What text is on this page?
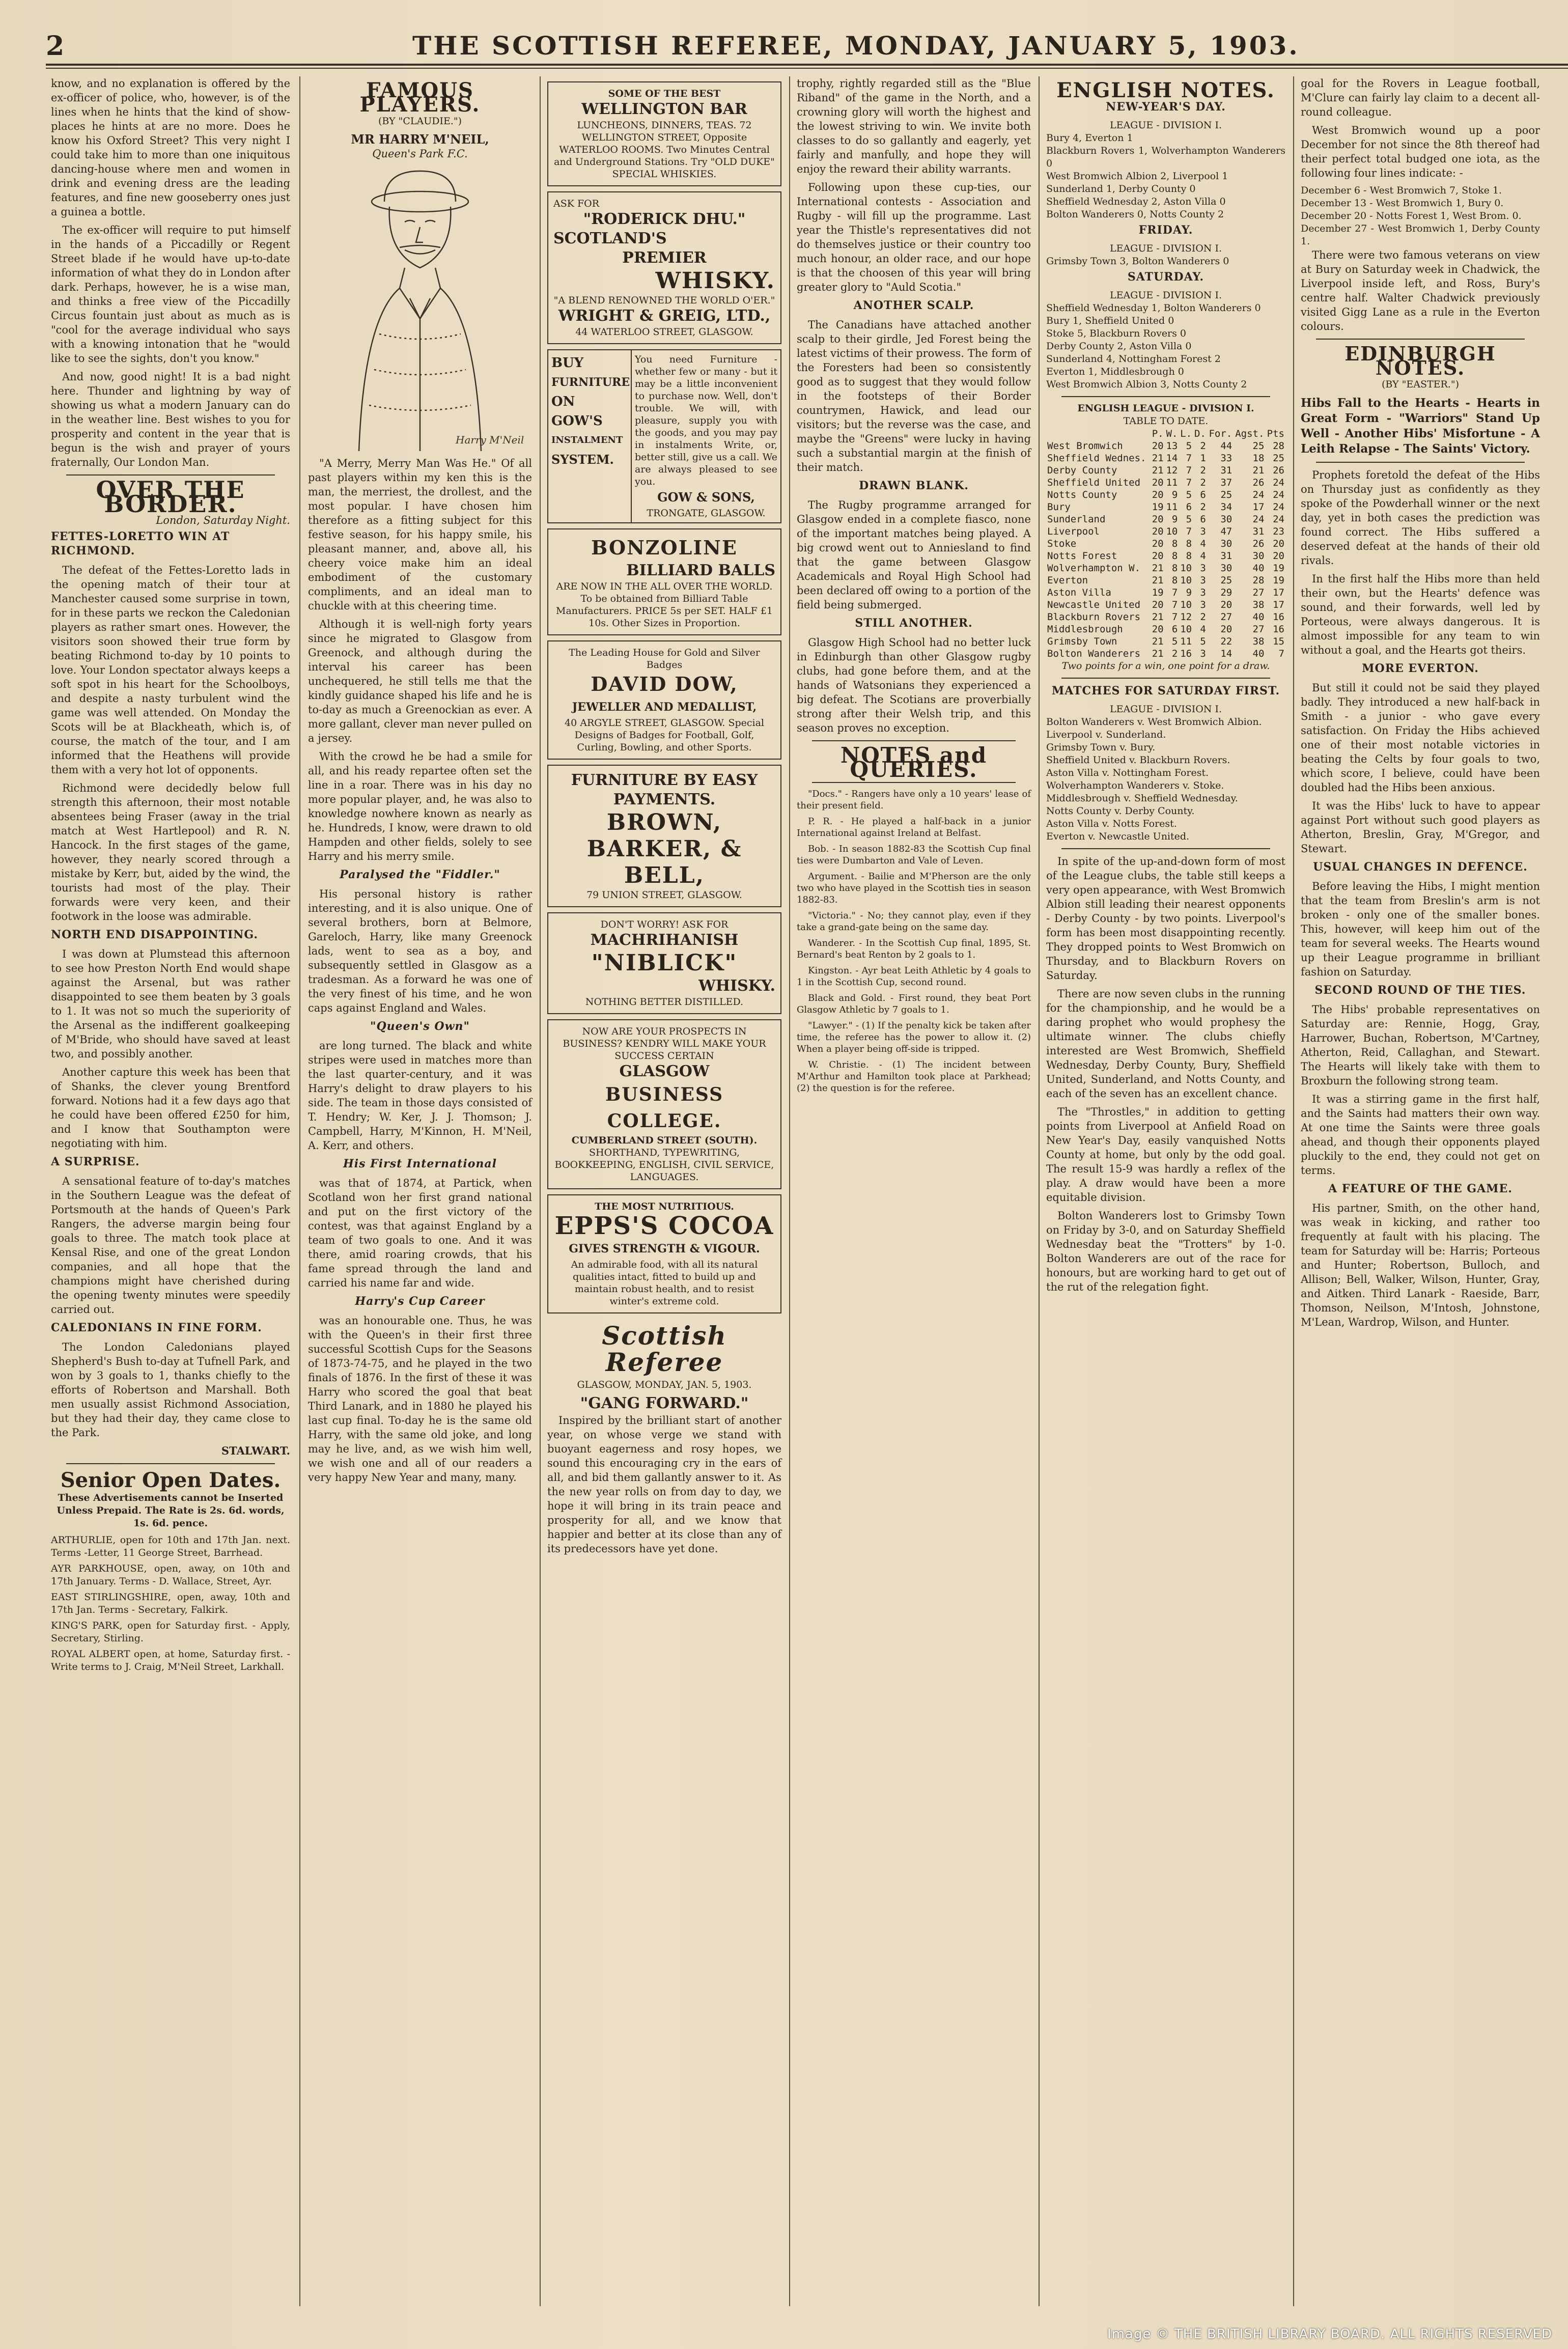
2	THE SCOTTISH REFEREE, MONDAY, JANUARY 5, 1903.

know, and no explanation is offered by the ex-officer of police, who, however, is of the lines when he hints that the kind of show-places he hints at are no more. Does he know his Oxford Street? This very night I could take him to more than one iniquitous dancing-house where men and women in drink and evening dress are the leading features, and fine new gooseberry ones just a guinea a bottle.

The ex-officer will require to put himself in the hands of a Piccadilly or Regent Street blade if he would have up-to-date information of what they do in London after dark. Perhaps, however, he is a wise man, and thinks a free view of the Piccadilly Circus fountain just about as much as is "cool for the average individual who says with a knowing intonation that he "would like to see the sights, don't you know."

And now, good night! It is a bad night here. Thunder and lightning by way of showing us what a modern January can do in the weather line. Best wishes to you for prosperity and content in the year that is begun is the wish and prayer of yours fraternally, Our London Man.

OVER THE BORDER.
London, Saturday Night.
FETTES-LORETTO WIN AT RICHMOND.

The defeat of the Fettes-Loretto lads in the opening match of their tour at Manchester caused some surprise in town, for in these parts we reckon the Caledonian players as rather smart ones. However, the visitors soon showed their true form by beating Richmond to-day by 10 points to love. Your London spectator always keeps a soft spot in his heart for the Schoolboys, and despite a nasty turbulent wind the game was well attended. On Monday the Scots will be at Blackheath, which is, of course, the match of the tour, and I am informed that the Heathens will provide them with a very hot lot of opponents.

Richmond were decidedly below full strength this afternoon, their most notable absentees being Fraser (away in the trial match at West Hartlepool) and R. N. Hancock. In the first stages of the game, however, they nearly scored through a mistake by Kerr, but, aided by the wind, the tourists had most of the play. Their forwards were very keen, and their footwork in the loose was admirable.

NORTH END DISAPPOINTING.

I was down at Plumstead this afternoon to see how Preston North End would shape against the Arsenal, but was rather disappointed to see them beaten by 3 goals to 1. It was not so much the superiority of the Arsenal as the indifferent goalkeeping of M'Bride, who should have saved at least two, and possibly another.

Another capture this week has been that of Shanks, the clever young Brentford forward. Notions had it a few days ago that he could have been offered £250 for him, and I know that Southampton were negotiating with him.

A SURPRISE.

A sensational feature of to-day's matches in the Southern League was the defeat of Portsmouth at the hands of Queen's Park Rangers, the adverse margin being four goals to three. The match took place at Kensal Rise, and one of the great London companies, and all hope that the champions might have cherished during the opening twenty minutes were speedily carried out.

CALEDONIANS IN FINE FORM.

The London Caledonians played Shepherd's Bush to-day at Tufnell Park, and won by 3 goals to 1, thanks chiefly to the efforts of Robertson and Marshall. Both men usually assist Richmond Association, but they had their day, they came close to the Park.

STALWART.
Senior Open Dates.

These Advertisements cannot be Inserted Unless Prepaid. The Rate is 2s. 6d. words, 1s. 6d. pence.

ARTHURLIE, open for 10th and 17th Jan. next. Terms -Letter, 11 George Street, Barrhead.
AYR PARKHOUSE, open, away, on 10th and 17th January. Terms - D. Wallace, Street, Ayr.
EAST STIRLINGSHIRE, open, away, 10th and 17th Jan. Terms - Secretary, Falkirk.
KING'S PARK, open for Saturday first. - Apply, Secretary, Stirling.
ROYAL ALBERT open, at home, Saturday first. - Write terms to J. Craig, M'Neil Street, Larkhall.
FAMOUS PLAYERS.
(BY "CLAUDIE.")
MR HARRY M'NEIL,
Queen's Park F.C.
Harry M'Neil

"A Merry, Merry Man Was He." Of all past players within my ken this is the man, the merriest, the drollest, and the most popular. I have chosen him therefore as a fitting subject for this festive season, for his happy smile, his pleasant manner, and, above all, his cheery voice make him an ideal embodiment of the customary compliments, and an ideal man to chuckle with at this cheering time.

Although it is well-nigh forty years since he migrated to Glasgow from Greenock, and although during the interval his career has been unchequered, he still tells me that the kindly guidance shaped his life and he is to-day as much a Greenockian as ever. A more gallant, clever man never pulled on a jersey.

With the crowd he be had a smile for all, and his ready repartee often set the line in a roar. There was in his day no more popular player, and, he was also to knowledge nowhere known as nearly as he. Hundreds, I know, were drawn to old Hampden and other fields, solely to see Harry and his merry smile.

Paralysed the "Fiddler."

His personal history is rather interesting, and it is also unique. One of several brothers, born at Belmore, Gareloch, Harry, like many Greenock lads, went to sea as a boy, and subsequently settled in Glasgow as a tradesman. As a forward he was one of the very finest of his time, and he won caps against England and Wales.

"Queen's Own"

are long turned. The black and white stripes were used in matches more than the last quarter-century, and it was Harry's delight to draw players to his side. The team in those days consisted of T. Hendry; W. Ker, J. J. Thomson; J. Campbell, Harry, M'Kinnon, H. M'Neil, A. Kerr, and others.

His First International

was that of 1874, at Partick, when Scotland won her first grand national and put on the first victory of the contest, was that against England by a team of two goals to one. And it was there, amid roaring crowds, that his fame spread through the land and carried his name far and wide.

Harry's Cup Career

was an honourable one. Thus, he was with the Queen's in their first three successful Scottish Cups for the Seasons of 1873-74-75, and he played in the two finals of 1876. In the first of these it was Harry who scored the goal that beat Third Lanark, and in 1880 he played his last cup final. To-day he is the same old Harry, with the same old joke, and long may he live, and, as we wish him well, we wish one and all of our readers a very happy New Year and many, many.

SOME OF THE BEST
WELLINGTON BAR
LUNCHEONS, DINNERS, TEAS. 72 WELLINGTON STREET, Opposite WATERLOO ROOMS. Two Minutes Central and Underground Stations. Try "OLD DUKE" SPECIAL WHISKIES.
ASK FOR
"RODERICK DHU."
SCOTLAND'S
PREMIER
WHISKY.
"A BLEND RENOWNED THE WORLD O'ER."
WRIGHT & GREIG, LTD.,
44 WATERLOO STREET, GLASGOW.
BUY
FURNITURE
ON
GOW'S
INSTALMENT
SYSTEM.
You need Furniture - whether few or many - but it may be a little inconvenient to purchase now. Well, don't trouble. We will, with pleasure, supply you with the goods, and you may pay in instalments Write, or, better still, give us a call. We are always pleased to see you.
GOW & SONS,
TRONGATE, GLASGOW.
BONZOLINE
BILLIARD BALLS
ARE NOW IN THE ALL OVER THE WORLD. To be obtained from Billiard Table Manufacturers. PRICE 5s per SET. HALF £1 10s. Other Sizes in Proportion.
The Leading House for Gold and Silver Badges
DAVID DOW,
JEWELLER AND MEDALLIST,
40 ARGYLE STREET, GLASGOW. Special Designs of Badges for Football, Golf, Curling, Bowling, and other Sports.
FURNITURE BY EASY PAYMENTS.
BROWN, BARKER, & BELL,
79 UNION STREET, GLASGOW.
DON'T WORRY! ASK FOR
MACHRIHANISH
"NIBLICK"
WHISKY.
NOTHING BETTER DISTILLED.
NOW ARE YOUR PROSPECTS IN BUSINESS? KENDRY WILL MAKE YOUR SUCCESS CERTAIN
GLASGOW
BUSINESS COLLEGE.
CUMBERLAND STREET (SOUTH).
SHORTHAND, TYPEWRITING, BOOKKEEPING, ENGLISH, CIVIL SERVICE, LANGUAGES.
THE MOST NUTRITIOUS.
EPPS'S COCOA
GIVES STRENGTH & VIGOUR.
An admirable food, with all its natural qualities intact, fitted to build up and maintain robust health, and to resist winter's extreme cold.
Scottish Referee
GLASGOW, MONDAY, JAN. 5, 1903.
"GANG FORWARD."

Inspired by the brilliant start of another year, on whose verge we stand with buoyant eagerness and rosy hopes, we sound this encouraging cry in the ears of all, and bid them gallantly answer to it. As the new year rolls on from day to day, we hope it will bring in its train peace and prosperity for all, and we know that happier and better at its close than any of its predecessors have yet done.

trophy, rightly regarded still as the "Blue Riband" of the game in the North, and a crowning glory will worth the highest and the lowest striving to win. We invite both classes to do so gallantly and eagerly, yet fairly and manfully, and hope they will enjoy the reward their ability warrants.

Following upon these cup-ties, our International contests - Association and Rugby - will fill up the programme. Last year the Thistle's representatives did not do themselves justice or their country too much honour, an older race, and our hope is that the choosen of this year will bring greater glory to "Auld Scotia."

ANOTHER SCALP.

The Canadians have attached another scalp to their girdle, Jed Forest being the latest victims of their prowess. The form of the Foresters had been so consistently good as to suggest that they would follow in the footsteps of their Border countrymen, Hawick, and lead our visitors; but the reverse was the case, and maybe the "Greens" were lucky in having such a substantial margin at the finish of their match.

DRAWN BLANK.

The Rugby programme arranged for Glasgow ended in a complete fiasco, none of the important matches being played. A big crowd went out to Anniesland to find that the game between Glasgow Academicals and Royal High School had been declared off owing to a portion of the field being submerged.

STILL ANOTHER.

Glasgow High School had no better luck in Edinburgh than other Glasgow rugby clubs, had gone before them, and at the hands of Watsonians they experienced a big defeat. The Scotians are proverbially strong after their Welsh trip, and this season proves no exception.

NOTES and QUERIES.

"Docs." - Rangers have only a 10 years' lease of their present field.

P. R. - He played a half-back in a junior International against Ireland at Belfast.

Bob. - In season 1882-83 the Scottish Cup final ties were Dumbarton and Vale of Leven.

Argument. - Bailie and M'Pherson are the only two who have played in the Scottish ties in season 1882-83.

"Victoria." - No; they cannot play, even if they take a grand-gate being on the same day.

Wanderer. - In the Scottish Cup final, 1895, St. Bernard's beat Renton by 2 goals to 1.

Kingston. - Ayr beat Leith Athletic by 4 goals to 1 in the Scottish Cup, second round.

Black and Gold. - First round, they beat Port Glasgow Athletic by 7 goals to 1.

"Lawyer." - (1) If the penalty kick be taken after time, the referee has the power to allow it. (2) When a player being off-side is tripped.

W. Christie. - (1) The incident between M'Arthur and Hamilton took place at Parkhead; (2) the question is for the referee.

ENGLISH NOTES.
NEW-YEAR'S DAY.
LEAGUE - DIVISION I.
Bury 4, Everton 1
Blackburn Rovers 1, Wolverhampton Wanderers 0
West Bromwich Albion 2, Liverpool 1
Sunderland 1, Derby County 0
Sheffield Wednesday 2, Aston Villa 0
Bolton Wanderers 0, Notts County 2
FRIDAY.
LEAGUE - DIVISION I.
Grimsby Town 3, Bolton Wanderers 0
SATURDAY.
LEAGUE - DIVISION I.
Sheffield Wednesday 1, Bolton Wanderers 0
Bury 1, Sheffield United 0
Stoke 5, Blackburn Rovers 0
Derby County 2, Aston Villa 0
Sunderland 4, Nottingham Forest 2
Everton 1, Middlesbrough 0
West Bromwich Albion 3, Notts County 2
ENGLISH LEAGUE - DIVISION I.
TABLE TO DATE.
	P.	W.	L.	D.	For.	Agst.	Pts
West Bromwich	20	13	5	2	44	25	28
Sheffield Wednes.	21	14	7	1	33	18	25
Derby County	21	12	7	2	31	21	26
Sheffield United	20	11	7	2	37	26	24
Notts County	20	9	5	6	25	24	24
Bury	19	11	6	2	34	17	24
Sunderland	20	9	5	6	30	24	24
Liverpool	20	10	7	3	47	31	23
Stoke	20	8	8	4	30	26	20
Notts Forest	20	8	8	4	31	30	20
Wolverhampton W.	21	8	10	3	30	40	19
Everton	21	8	10	3	25	28	19
Aston Villa	19	7	9	3	29	27	17
Newcastle United	20	7	10	3	20	38	17
Blackburn Rovers	21	7	12	2	27	40	16
Middlesbrough	20	6	10	4	20	27	16
Grimsby Town	21	5	11	5	22	38	15
Bolton Wanderers	21	2	16	3	14	40	7
Two points for a win, one point for a draw.
MATCHES FOR SATURDAY FIRST.
LEAGUE - DIVISION I.
Bolton Wanderers v. West Bromwich Albion.
Liverpool v. Sunderland.
Grimsby Town v. Bury.
Sheffield United v. Blackburn Rovers.
Aston Villa v. Nottingham Forest.
Wolverhampton Wanderers v. Stoke.
Middlesbrough v. Sheffield Wednesday.
Notts County v. Derby County.
Aston Villa v. Notts Forest.
Everton v. Newcastle United.

In spite of the up-and-down form of most of the League clubs, the table still keeps a very open appearance, with West Bromwich Albion still leading their nearest opponents - Derby County - by two points. Liverpool's form has been most disappointing recently. They dropped points to West Bromwich on Thursday, and to Blackburn Rovers on Saturday.

There are now seven clubs in the running for the championship, and he would be a daring prophet who would prophesy the ultimate winner. The clubs chiefly interested are West Bromwich, Sheffield Wednesday, Derby County, Bury, Sheffield United, Sunderland, and Notts County, and each of the seven has an excellent chance.

The "Throstles," in addition to getting points from Liverpool at Anfield Road on New Year's Day, easily vanquished Notts County at home, but only by the odd goal. The result 15-9 was hardly a reflex of the play. A draw would have been a more equitable division.

Bolton Wanderers lost to Grimsby Town on Friday by 3-0, and on Saturday Sheffield Wednesday beat the "Trotters" by 1-0. Bolton Wanderers are out of the race for honours, but are working hard to get out of the rut of the relegation fight.

goal for the Rovers in League football, M'Clure can fairly lay claim to a decent all-round colleague.

West Bromwich wound up a poor December for not since the 8th thereof had their perfect total budged one iota, as the following four lines indicate: -

December 6 - West Bromwich 7, Stoke 1.
December 13 - West Bromwich 1, Bury 0.
December 20 - Notts Forest 1, West Brom. 0.
December 27 - West Bromwich 1, Derby County 1.

There were two famous veterans on view at Bury on Saturday week in Chadwick, the Liverpool inside left, and Ross, Bury's centre half. Walter Chadwick previously visited Gigg Lane as a rule in the Everton colours.

EDINBURGH NOTES.
(BY "EASTER.")

Hibs Fall to the Hearts - Hearts in Great Form - "Warriors" Stand Up Well - Another Hibs' Misfortune - A Leith Relapse - The Saints' Victory.

Prophets foretold the defeat of the Hibs on Thursday just as confidently as they spoke of the Powderhall winner or the next day, yet in both cases the prediction was found correct. The Hibs suffered a deserved defeat at the hands of their old rivals.

In the first half the Hibs more than held their own, but the Hearts' defence was sound, and their forwards, well led by Porteous, were always dangerous. It is almost impossible for any team to win without a goal, and the Hearts got theirs.

MORE EVERTON.

But still it could not be said they played badly. They introduced a new half-back in Smith - a junior - who gave every satisfaction. On Friday the Hibs achieved one of their most notable victories in beating the Celts by four goals to two, which score, I believe, could have been doubled had the Hibs been anxious.

It was the Hibs' luck to have to appear against Port without such good players as Atherton, Breslin, Gray, M'Gregor, and Stewart.

USUAL CHANGES IN DEFENCE.

Before leaving the Hibs, I might mention that the team from Breslin's arm is not broken - only one of the smaller bones. This, however, will keep him out of the team for several weeks. The Hearts wound up their League programme in brilliant fashion on Saturday.

SECOND ROUND OF THE TIES.

The Hibs' probable representatives on Saturday are: Rennie, Hogg, Gray, Harrower, Buchan, Robertson, M'Cartney, Atherton, Reid, Callaghan, and Stewart. The Hearts will likely take with them to Broxburn the following strong team.

It was a stirring game in the first half, and the Saints had matters their own way. At one time the Saints were three goals ahead, and though their opponents played pluckily to the end, they could not get on terms.

A FEATURE OF THE GAME.

His partner, Smith, on the other hand, was weak in kicking, and rather too frequently at fault with his placing. The team for Saturday will be: Harris; Porteous and Hunter; Robertson, Bulloch, and Allison; Bell, Walker, Wilson, Hunter, Gray, and Aitken. Third Lanark - Raeside, Barr, Thomson, Neilson, M'Intosh, Johnstone, M'Lean, Wardrop, Wilson, and Hunter.

Image © THE BRITISH LIBRARY BOARD. ALL RIGHTS RESERVED
